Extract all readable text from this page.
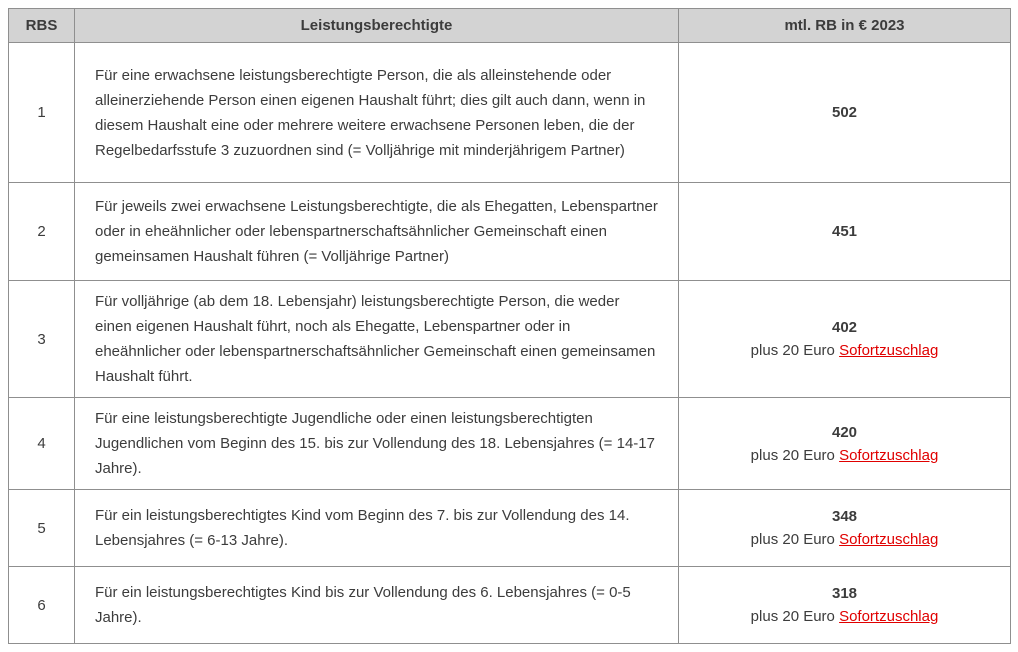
RBS	Leistungsberechtigte	mtl. RB in € 2023
1	Für eine erwachsene leistungsberechtigte Person, die als alleinstehende oder alleinerziehende Person einen eigenen Haushalt führt; dies gilt auch dann, wenn in diesem Haushalt eine oder mehrere weitere erwachsene Personen leben, die der Regelbedarfsstufe 3 zuzuordnen sind (= Volljährige mit minderjährigem Partner)	502

2	Für jeweils zwei erwachsene Leistungsberechtigte, die als Ehegatten, Lebenspartner oder in eheähnlicher oder lebenspartnerschaftsähnlicher Gemeinschaft einen gemeinsamen Haushalt führen (= Volljährige Partner)	451

3	Für volljährige (ab dem 18. Lebensjahr) leistungsberechtigte Person, die weder einen eigenen Haushalt führt, noch als Ehegatte, Lebenspartner oder in eheähnlicher oder lebenspartnerschaftsähnlicher Gemeinschaft einen gemeinsamen Haushalt führt.	402
plus 20 Euro Sofortzuschlag

4	Für eine leistungsberechtigte Jugendliche oder einen leistungsberechtigten Jugendlichen vom Beginn des 15. bis zur Vollendung des 18. Lebensjahres (= 14-17 Jahre).	420
plus 20 Euro Sofortzuschlag

5	Für ein leistungsberechtigtes Kind vom Beginn des 7. bis zur Vollendung des 14. Lebensjahres (= 6-13 Jahre).	348
plus 20 Euro Sofortzuschlag

6	Für ein leistungsberechtigtes Kind bis zur Vollendung des 6. Lebensjahres (= 0-5 Jahre).	318
plus 20 Euro Sofortzuschlag
